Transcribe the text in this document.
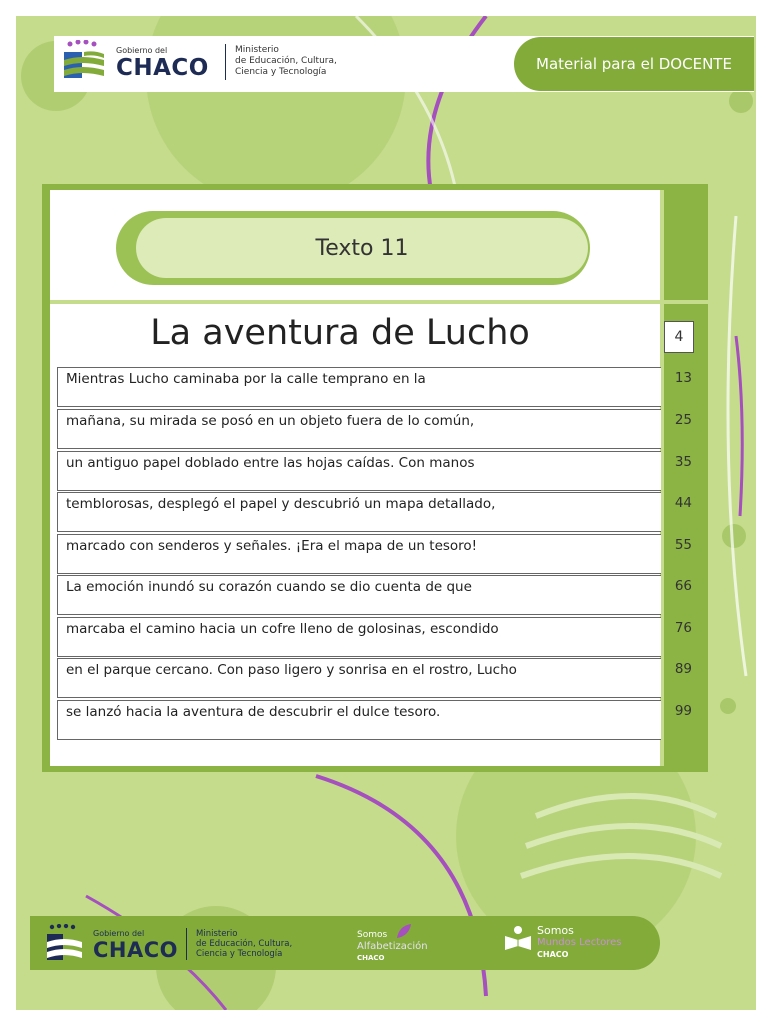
Gobierno del
CHACO
Ministerio
de Educación, Cultura,
Ciencia y Tecnología	Material para el DOCENTE
Texto 11
La aventura de Lucho	4
Mientras Lucho caminaba por la calle temprano en la	13
mañana, su mirada se posó en un objeto fuera de lo común,	25
un antiguo papel doblado entre las hojas caídas. Con manos	35
temblorosas, desplegó el papel y descubrió un mapa detallado,	44
marcado con senderos y señales. ¡Era el mapa de un tesoro!	55
La emoción inundó su corazón cuando se dio cuenta de que	66
marcaba el camino hacia un cofre lleno de golosinas, escondido	76
en el parque cercano. Con paso ligero y sonrisa en el rostro, Lucho	89
se lanzó hacia la aventura de descubrir el dulce tesoro.	99
Gobierno del
CHACO
Ministerio
de Educación, Cultura,
Ciencia y Tecnología
Somos
Alfabetización
CHACO
Somos
Mundos Lectores
CHACO
